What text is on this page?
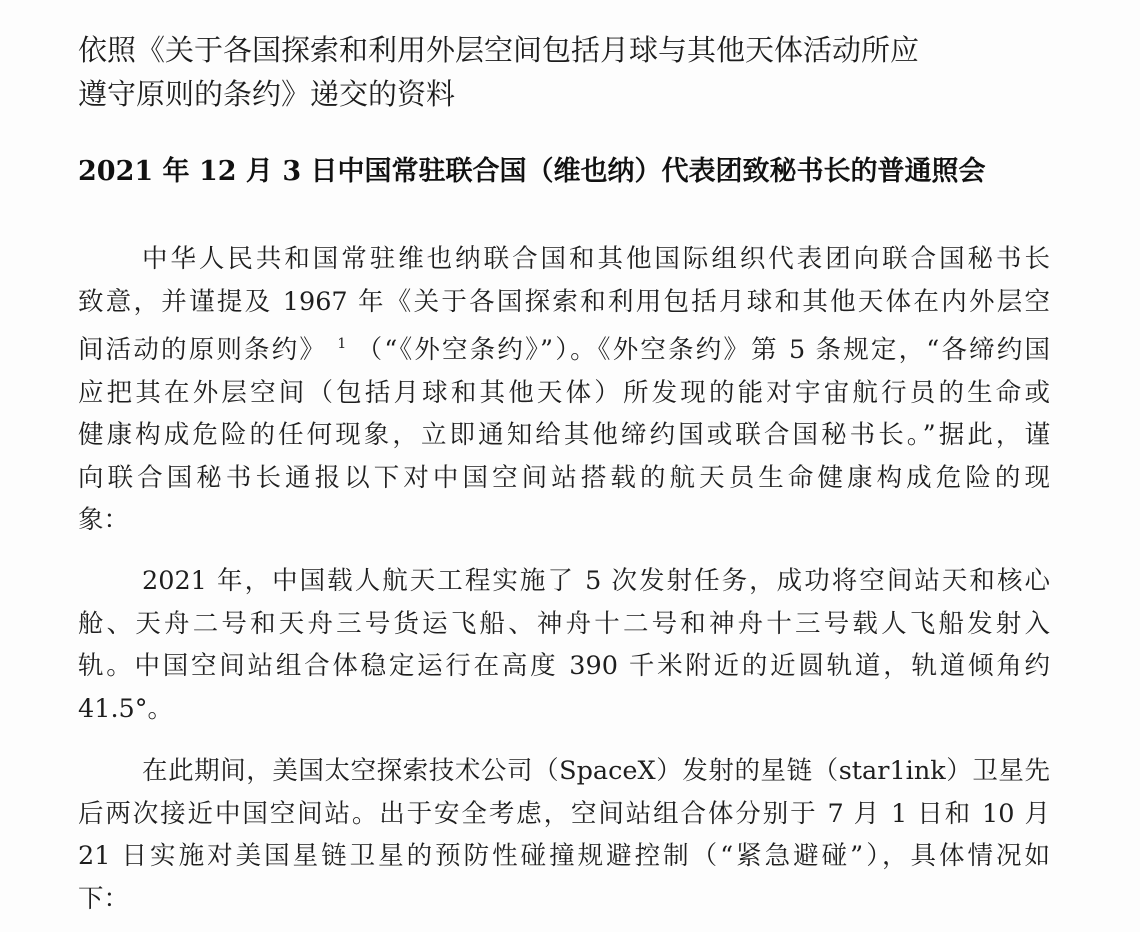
依照《关于各国探索和利用外层空间包括月球与其他天体活动所应
遵守原则的条约》递交的资料
2021 年 12 月 3 日中国常驻联合国（维也纳）代表团致秘书长的普通照会
中华人民共和国常驻维也纳联合国和其他国际组织代表团向联合国秘书长
致意，并谨提及 1967 年《关于各国探索和利用包括月球和其他天体在内外层空
间活动的原则条约》 $^1$ （“《外空条约》”）。《外空条约》第 5 条规定，“各缔约国
应把其在外层空间（包括月球和其他天体）所发现的能对宇宙航行员的生命或
健康构成危险的任何现象，立即通知给其他缔约国或联合国秘书长。”据此，谨
向联合国秘书长通报以下对中国空间站搭载的航天员生命健康构成危险的现
象：
2021 年，中国载人航天工程实施了 5 次发射任务，成功将空间站天和核心
舱、天舟二号和天舟三号货运飞船、神舟十二号和神舟十三号载人飞船发射入
轨。中国空间站组合体稳定运行在高度 390 千米附近的近圆轨道，轨道倾角约
41.5°。
在此期间，美国太空探索技术公司（SpaceX）发射的星链（star1ink）卫星先
后两次接近中国空间站。出于安全考虑，空间站组合体分别于 7 月 1 日和 10 月
21 日实施对美国星链卫星的预防性碰撞规避控制（“紧急避碰”），具体情况如
下：
